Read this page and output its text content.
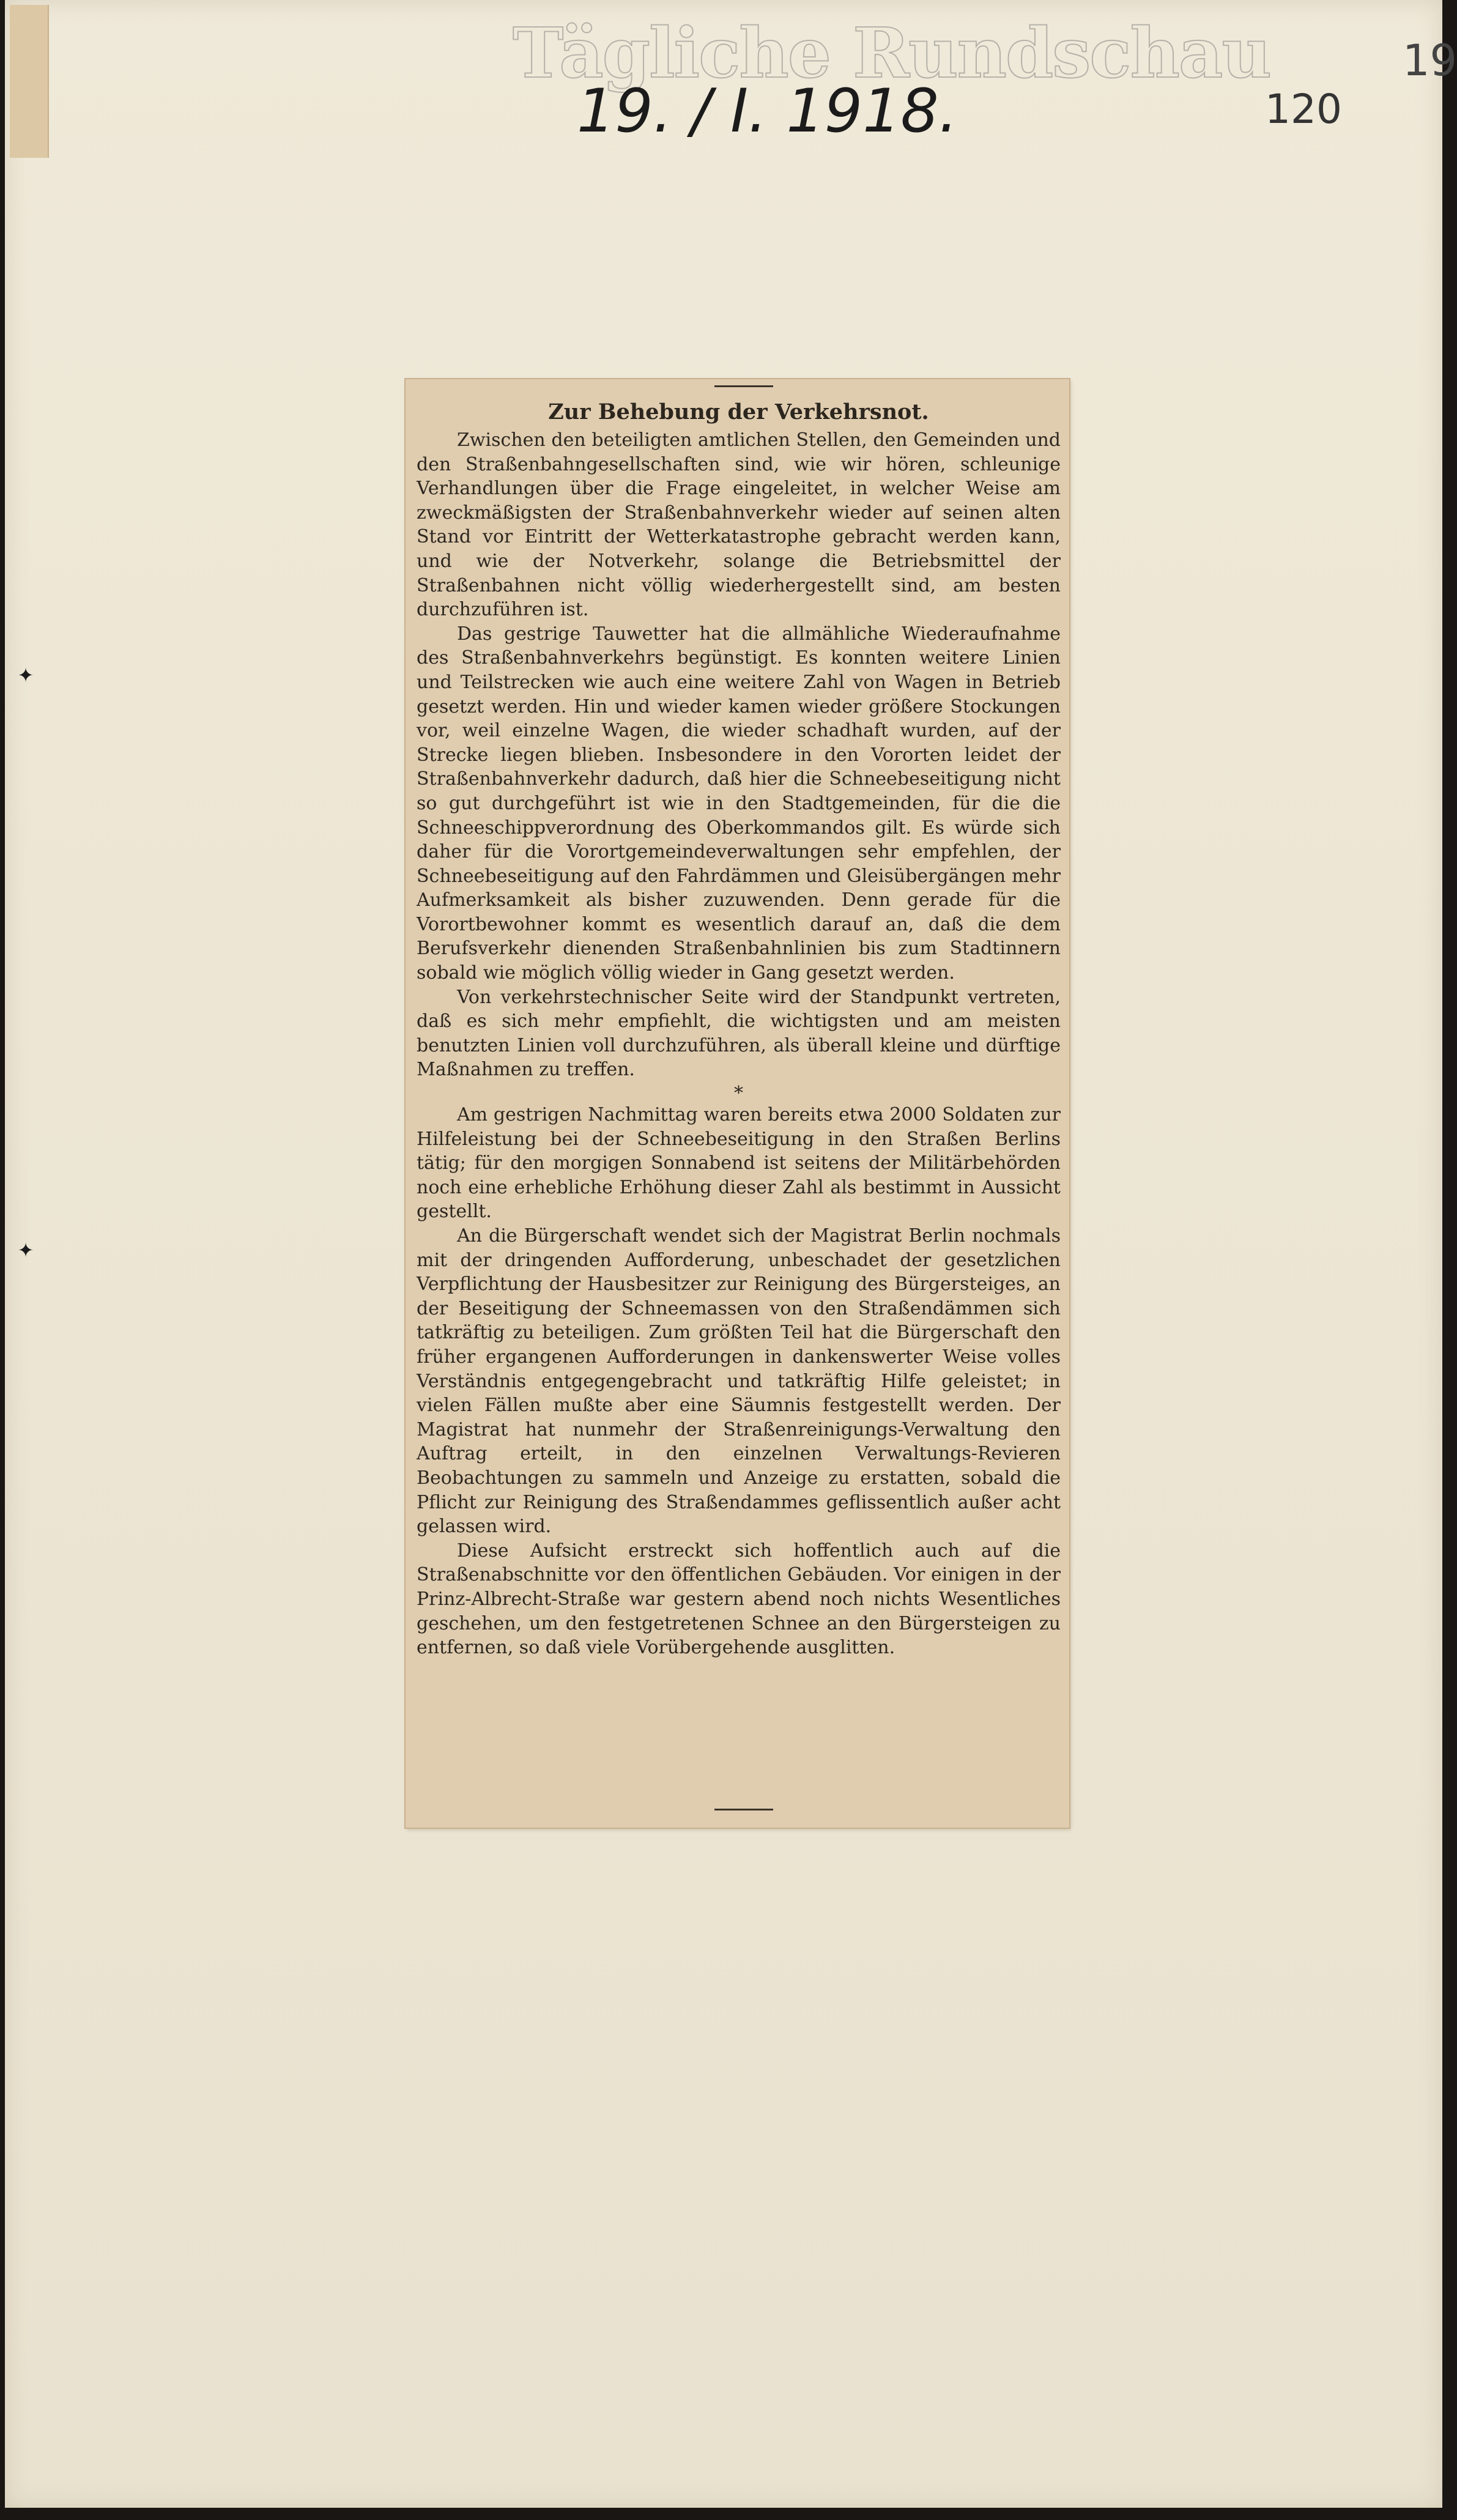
Tägliche Rundschau
19. / I. 1918.	120
19
✦
✦
Zur Behebung der Verkehrsnot.

Zwischen den beteiligten amtlichen Stellen, den Gemeinden und den Straßenbahngesellschaften sind, wie wir hören, schleunige Verhandlungen über die Frage eingeleitet, in welcher Weise am zweckmäßigsten der Straßenbahnverkehr wieder auf seinen alten Stand vor Eintritt der Wetterkatastrophe gebracht werden kann, und wie der Notverkehr, solange die Betriebsmittel der Straßenbahnen nicht völlig wiederhergestellt sind, am besten durchzuführen ist.

Das gestrige Tauwetter hat die allmähliche Wiederaufnahme des Straßenbahnverkehrs begünstigt. Es konnten weitere Linien und Teilstrecken wie auch eine weitere Zahl von Wagen in Betrieb gesetzt werden. Hin und wieder kamen wieder größere Stockungen vor, weil einzelne Wagen, die wieder schadhaft wurden, auf der Strecke liegen blieben. Insbesondere in den Vororten leidet der Straßenbahnverkehr dadurch, daß hier die Schneebeseitigung nicht so gut durchgeführt ist wie in den Stadtgemeinden, für die die Schneeschippverordnung des Oberkommandos gilt. Es würde sich daher für die Vorortgemeindeverwaltungen sehr empfehlen, der Schneebeseitigung auf den Fahrdämmen und Gleisübergängen mehr Aufmerksamkeit als bisher zuzuwenden. Denn gerade für die Vorortbewohner kommt es wesentlich darauf an, daß die dem Berufsverkehr dienenden Straßenbahnlinien bis zum Stadtinnern sobald wie möglich völlig wieder in Gang gesetzt werden.

Von verkehrstechnischer Seite wird der Standpunkt vertreten, daß es sich mehr empfiehlt, die wichtigsten und am meisten benutzten Linien voll durchzuführen, als überall kleine und dürftige Maßnahmen zu treffen.

*

Am gestrigen Nachmittag waren bereits etwa 2000 Soldaten zur Hilfeleistung bei der Schneebeseitigung in den Straßen Berlins tätig; für den morgigen Sonnabend ist seitens der Militärbehörden noch eine erhebliche Erhöhung dieser Zahl als bestimmt in Aussicht gestellt.

An die Bürgerschaft wendet sich der Magistrat Berlin nochmals mit der dringenden Aufforderung, unbeschadet der gesetzlichen Verpflichtung der Hausbesitzer zur Reinigung des Bürgersteiges, an der Beseitigung der Schneemassen von den Straßendämmen sich tatkräftig zu beteiligen. Zum größten Teil hat die Bürgerschaft den früher ergangenen Aufforderungen in dankenswerter Weise volles Verständnis entgegengebracht und tatkräftig Hilfe geleistet; in vielen Fällen mußte aber eine Säumnis festgestellt werden. Der Magistrat hat nunmehr der Straßenreinigungs-Verwaltung den Auftrag erteilt, in den einzelnen Verwaltungs-Revieren Beobachtungen zu sammeln und Anzeige zu erstatten, sobald die Pflicht zur Reinigung des Straßendammes geflissentlich außer acht gelassen wird.

Diese Aufsicht erstreckt sich hoffentlich auch auf die Straßenabschnitte vor den öffentlichen Gebäuden. Vor einigen in der Prinz-Albrecht-Straße war gestern abend noch nichts Wesentliches geschehen, um den festgetretenen Schnee an den Bürgersteigen zu entfernen, so daß viele Vorübergehende ausglitten.
